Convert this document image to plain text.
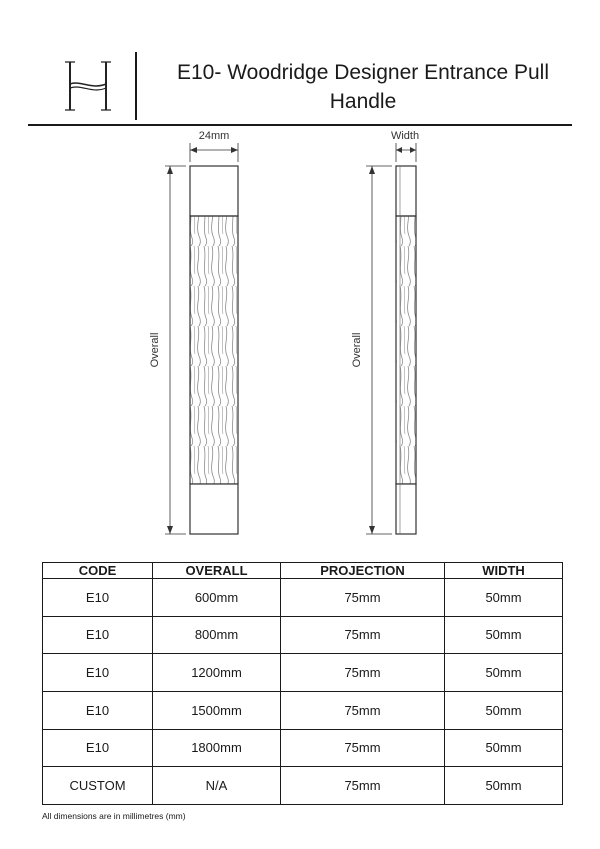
E10- Woodridge Designer Entrance Pull Handle
24mm
Overall
Width
Overall
CODE	OVERALL	PROJECTION	WIDTH
E10	600mm	75mm	50mm
E10	800mm	75mm	50mm
E10	1200mm	75mm	50mm
E10	1500mm	75mm	50mm
E10	1800mm	75mm	50mm
CUSTOM	N/A	75mm	50mm
All dimensions are in millimetres (mm)
